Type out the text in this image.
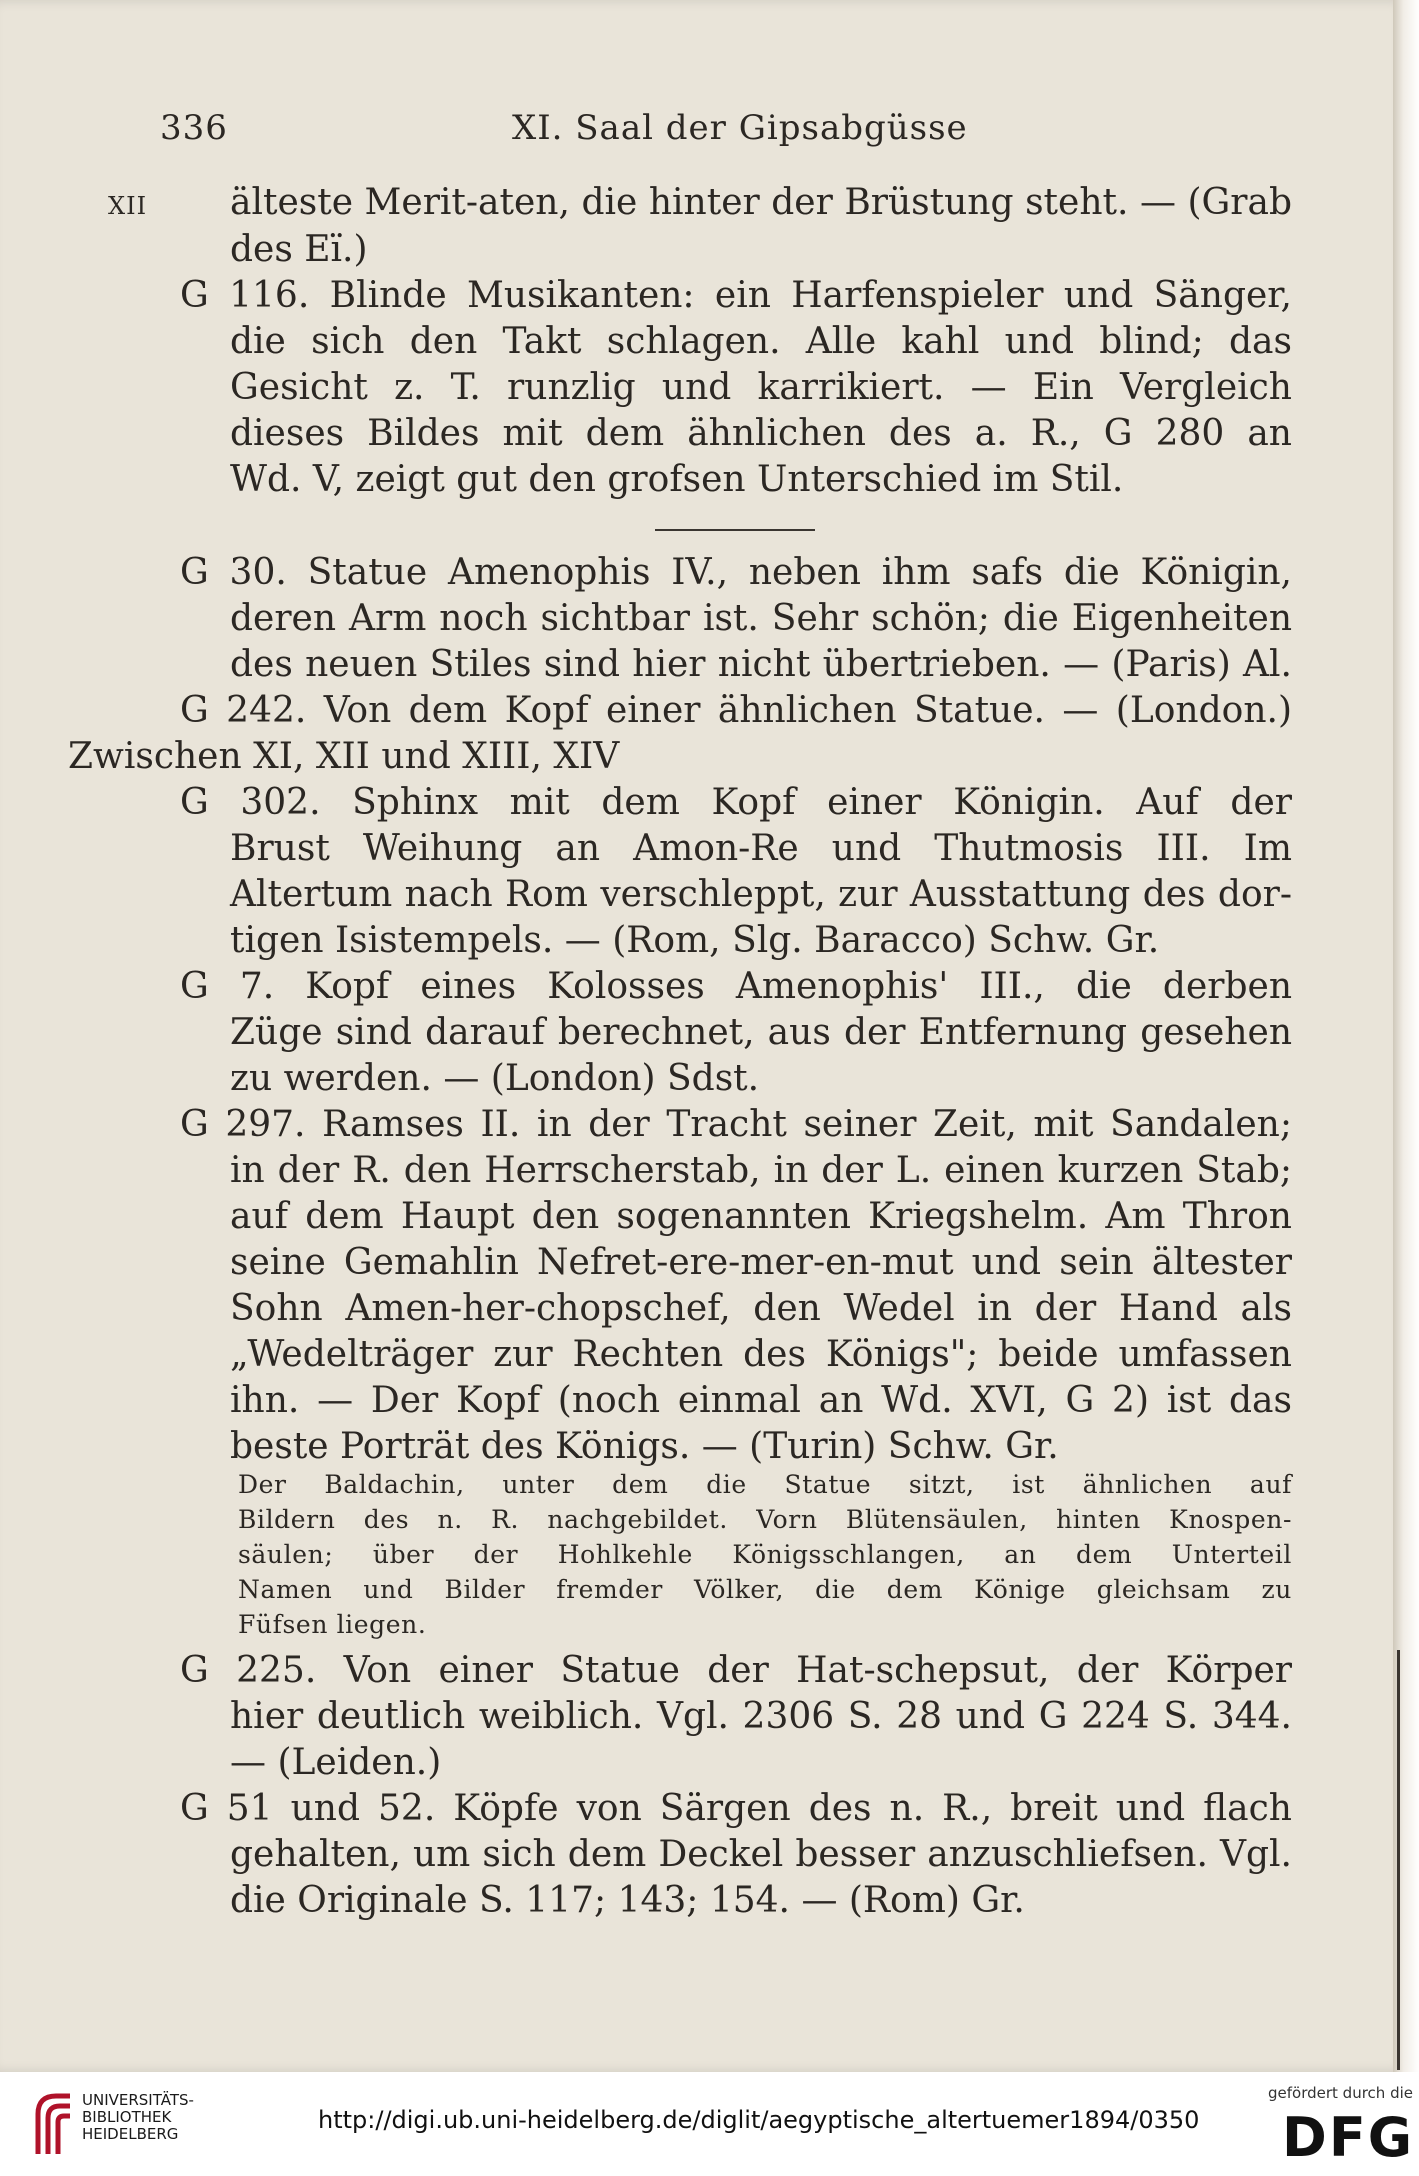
336	XI. Saal der Gipsabgüsse
XII älteste Merit-aten, die hinter der Brüstung steht. — (Grab
des Eï.)
G 116. Blinde Musikanten: ein Harfenspieler und Sänger,
die sich den Takt schlagen. Alle kahl und blind; das
Gesicht z. T. runzlig und karrikiert. — Ein Vergleich
dieses Bildes mit dem ähnlichen des a. R., G 280 an
Wd. V, zeigt gut den grofsen Unterschied im Stil.
G 30. Statue Amenophis IV., neben ihm safs die Königin,
deren Arm noch sichtbar ist. Sehr schön; die Eigenheiten
des neuen Stiles sind hier nicht übertrieben. — (Paris) Al.
G 242. Von dem Kopf einer ähnlichen Statue. — (London.)
Zwischen XI, XII und XIII, XIV
G 302. Sphinx mit dem Kopf einer Königin. Auf der
Brust Weihung an Amon-Re und Thutmosis III. Im
Altertum nach Rom verschleppt, zur Ausstattung des dor-
tigen Isistempels. — (Rom, Slg. Baracco) Schw. Gr.
G 7. Kopf eines Kolosses Amenophis' III., die derben
Züge sind darauf berechnet, aus der Entfernung gesehen
zu werden. — (London) Sdst.
G 297. Ramses II. in der Tracht seiner Zeit, mit Sandalen;
in der R. den Herrscherstab, in der L. einen kurzen Stab;
auf dem Haupt den sogenannten Kriegshelm. Am Thron
seine Gemahlin Nefret-ere-mer-en-mut und sein ältester
Sohn Amen-her-chopschef, den Wedel in der Hand als
„Wedelträger zur Rechten des Königs"; beide umfassen
ihn. — Der Kopf (noch einmal an Wd. XVI, G 2) ist das
beste Porträt des Königs. — (Turin) Schw. Gr.
Der Baldachin, unter dem die Statue sitzt, ist ähnlichen auf
Bildern des n. R. nachgebildet. Vorn Blütensäulen, hinten Knospen-
säulen; über der Hohlkehle Königsschlangen, an dem Unterteil
Namen und Bilder fremder Völker, die dem Könige gleichsam zu
Füfsen liegen.
G 225. Von einer Statue der Hat-schepsut, der Körper
hier deutlich weiblich. Vgl. 2306 S. 28 und G 224 S. 344.
— (Leiden.)
G 51 und 52. Köpfe von Särgen des n. R., breit und flach
gehalten, um sich dem Deckel besser anzuschliefsen. Vgl.
die Originale S. 117; 143; 154. — (Rom) Gr.
UNIVERSITÄTS-
BIBLIOTHEK
HEIDELBERG	http://digi.ub.uni-heidelberg.de/diglit/aegyptische_altertuemer1894/0350
gefördert durch die
DFG
